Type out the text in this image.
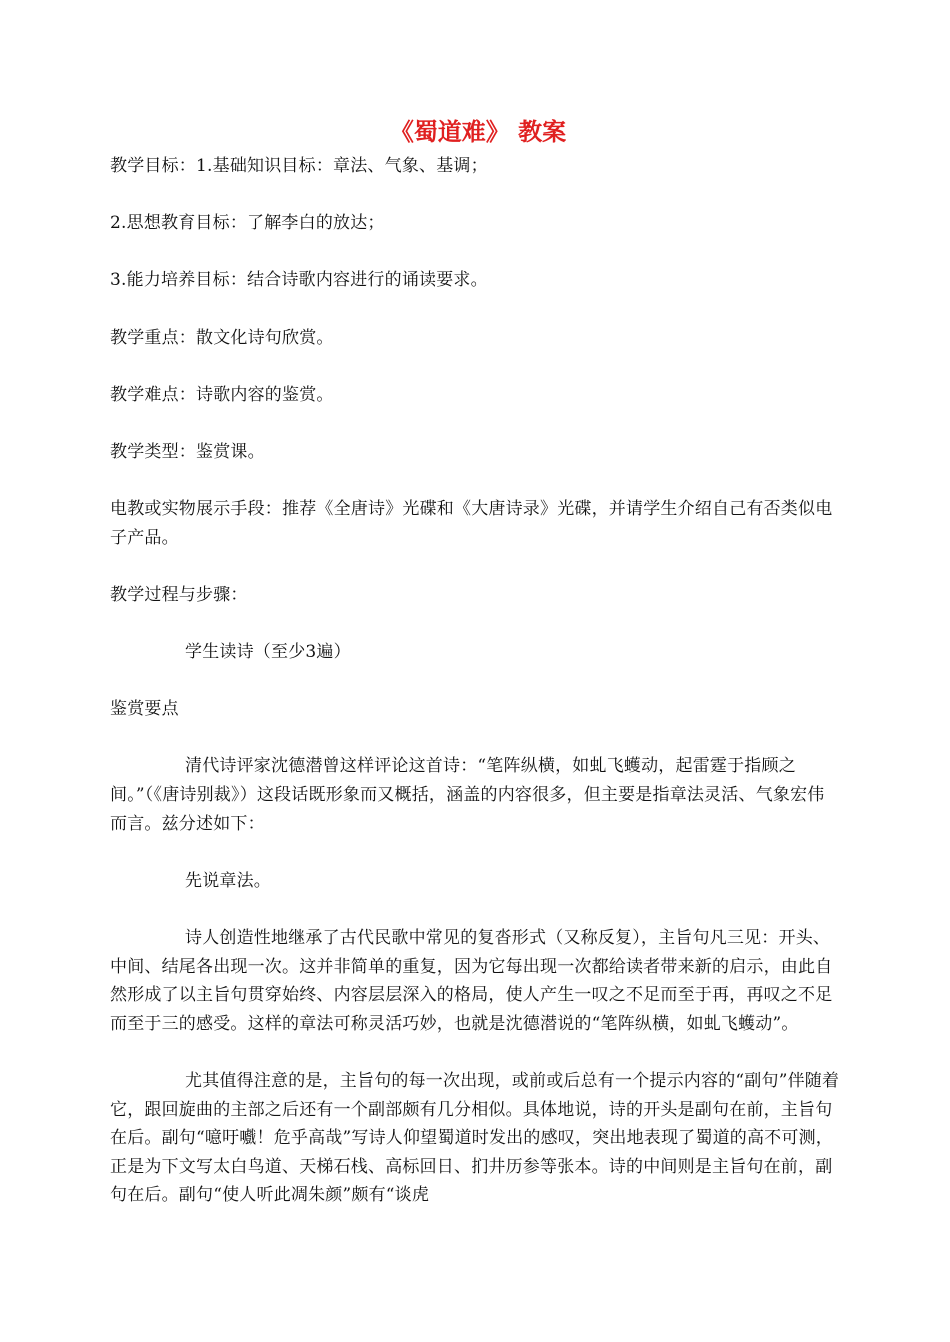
《蜀道难》 教案

教学目标：1.基础知识目标：章法、气象、基调；

2.思想教育目标：了解李白的放达；

3.能力培养目标：结合诗歌内容进行的诵读要求。

教学重点：散文化诗句欣赏。

教学难点：诗歌内容的鉴赏。

教学类型：鉴赏课。

电教或实物展示手段：推荐《全唐诗》光碟和《大唐诗录》光碟，并请学生介绍自己有否类似电子产品。

教学过程与步骤：

学生读诗（至少3遍）

鉴赏要点

清代诗评家沈德潜曾这样评论这首诗：“笔阵纵横，如虬飞蠖动，起雷霆于指顾之间。”（《唐诗别裁》）这段话既形象而又概括，涵盖的内容很多，但主要是指章法灵活、气象宏伟而言。兹分述如下：

先说章法。

诗人创造性地继承了古代民歌中常见的复沓形式（又称反复），主旨句凡三见：开头、中间、结尾各出现一次。这并非简单的重复，因为它每出现一次都给读者带来新的启示，由此自然形成了以主旨句贯穿始终、内容层层深入的格局，使人产生一叹之不足而至于再，再叹之不足而至于三的感受。这样的章法可称灵活巧妙，也就是沈德潜说的“笔阵纵横，如虬飞蠖动”。

尤其值得注意的是，主旨句的每一次出现，或前或后总有一个提示内容的“副句”伴随着它，跟回旋曲的主部之后还有一个副部颇有几分相似。具体地说，诗的开头是副句在前，主旨句在后。副句“噫吁嚱！危乎高哉”写诗人仰望蜀道时发出的感叹，突出地表现了蜀道的高不可测，正是为下文写太白鸟道、天梯石栈、高标回日、扪井历参等张本。诗的中间则是主旨句在前，副句在后。副句“使人听此凋朱颜”颇有“谈虎
